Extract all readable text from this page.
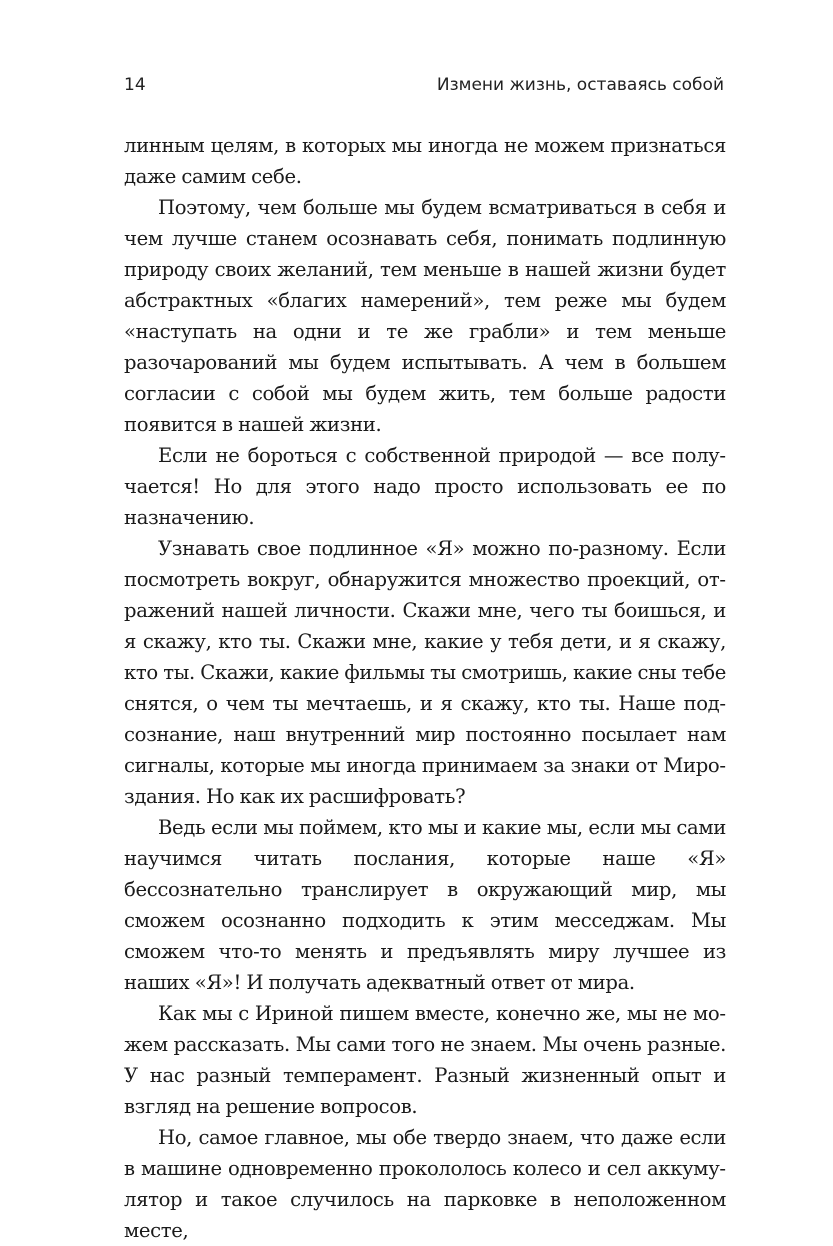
14	Измени жизнь, оставаясь собой

линным целям, в которых мы иногда не можем признаться даже самим себе.

Поэтому, чем больше мы будем всматриваться в себя и чем лучше станем осознавать себя, понимать подлинную природу своих желаний, тем меньше в нашей жизни будет абстрактных «благих намерений», тем реже мы будем «наступать на одни и те же грабли» и тем меньше разочарований мы будем испытывать. А чем в большем согласии с собой мы будем жить, тем больше радости появится в нашей жизни.

Если не бороться с собственной природой — все получается! Но для этого надо просто использовать ее по назначению.

Узнавать свое подлинное «Я» можно по-разному. Если посмотреть вокруг, обнаружится множество проекций, отражений нашей личности. Скажи мне, чего ты боишься, и я скажу, кто ты. Скажи мне, какие у тебя дети, и я скажу, кто ты. Скажи, какие фильмы ты смотришь, какие сны тебе снятся, о чем ты мечтаешь, и я скажу, кто ты. Наше подсознание, наш внутренний мир постоянно посылает нам сигналы, которые мы иногда принимаем за знаки от Мироздания. Но как их расшифровать?

Ведь если мы поймем, кто мы и какие мы, если мы сами научимся читать послания, которые наше «Я» бессознательно транслирует в окружающий мир, мы сможем осознанно подходить к этим месседжам. Мы сможем что-то менять и предъявлять миру лучшее из наших «Я»! И получать адекватный ответ от мира.

Как мы с Ириной пишем вместе, конечно же, мы не можем рассказать. Мы сами того не знаем. Мы очень разные. У нас разный темперамент. Разный жизненный опыт и взгляд на решение вопросов.

Но, самое главное, мы обе твердо знаем, что даже если в машине одновременно прокололось колесо и сел аккумулятор и такое случилось на парковке в неположенном месте,
